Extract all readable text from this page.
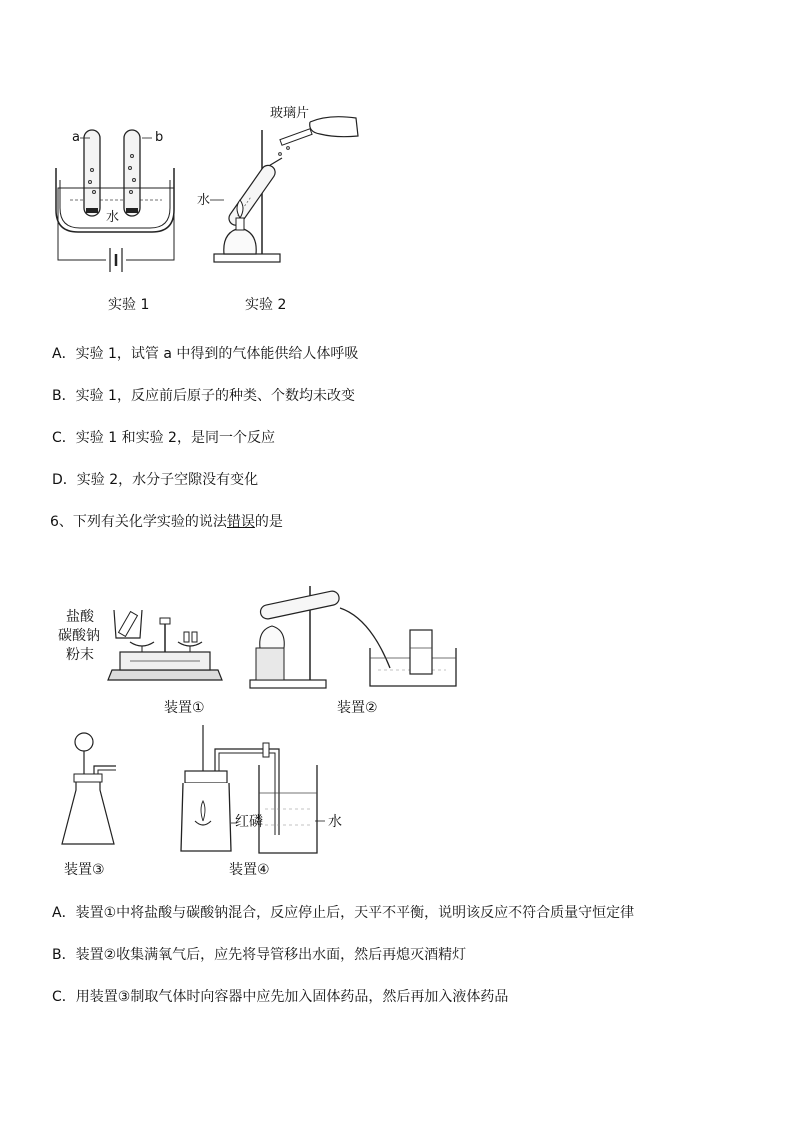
a	b
水
实验 1
玻璃片
水
实验 2
A．实验 1，试管 a 中得到的气体能供给人体呼吸
B．实验 1，反应前后原子的种类、个数均未改变
C．实验 1 和实验 2，是同一个反应
D．实验 2，水分子空隙没有变化
6、下列有关化学实验的说法错误的是
盐酸
碳酸钠
粉末
装置①	装置②
装置③
红磷	水
装置④
A．装置①中将盐酸与碳酸钠混合，反应停止后，天平不平衡，说明该反应不符合质量守恒定律
B．装置②收集满氧气后，应先将导管移出水面，然后再熄灭酒精灯
C．用装置③制取气体时向容器中应先加入固体药品，然后再加入液体药品
